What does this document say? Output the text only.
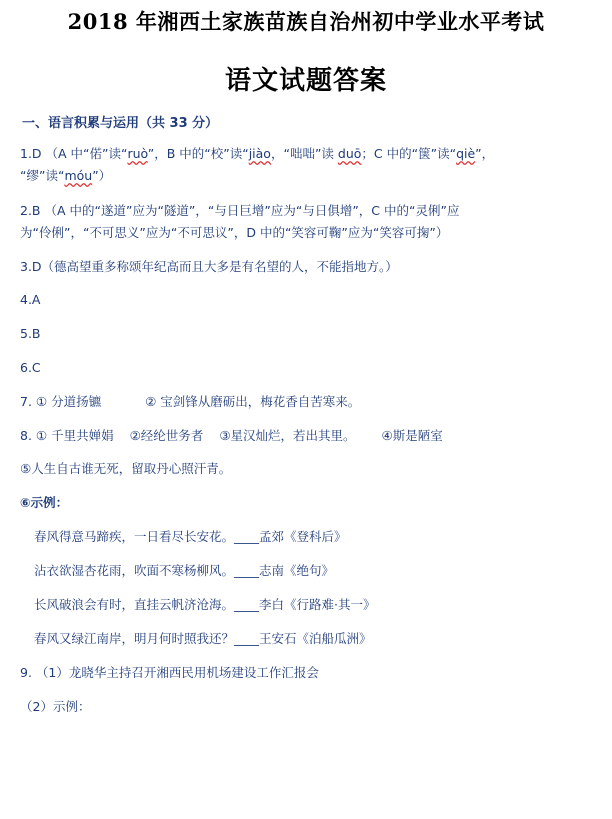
2018 年湘西土家族苗族自治州初中学业水平考试
语文试题答案
一、语言积累与运用（共 33 分）
1.D （A 中“偌”读“ruò”，B 中的“校”读“jiào，“咄咄”读 duō；C 中的“箧”读“qiè”，
“缪”读“móu”）
2.B （A 中的“遂道”应为“隧道”，“与日巨增”应为“与日俱增”，C 中的“灵俐”应
为“伶俐”，“不可思义”应为“不可思议”，D 中的“笑容可鞠”应为“笑容可掬”）
3.D（德高望重多称颂年纪高而且大多是有名望的人，不能指地方。）
4.A
5.B
6.C
7. ① 分道扬镳	② 宝剑锋从磨砺出，梅花香自苦寒来。
8. ① 千里共婵娟 ②经纶世务者 ③星汉灿烂，若出其里。 ④斯是陋室
⑤人生自古谁无死，留取丹心照汗青。
⑥示例：
春风得意马蹄疾，一日看尽长安花。____孟郊《登科后》
沾衣欲湿杏花雨，吹面不寒杨柳风。____志南《绝句》
长风破浪会有时，直挂云帆济沧海。____李白《行路难·其一》
春风又绿江南岸，明月何时照我还？____王安石《泊船瓜洲》
9. （1）龙晓华主持召开湘西民用机场建设工作汇报会
（2）示例：
